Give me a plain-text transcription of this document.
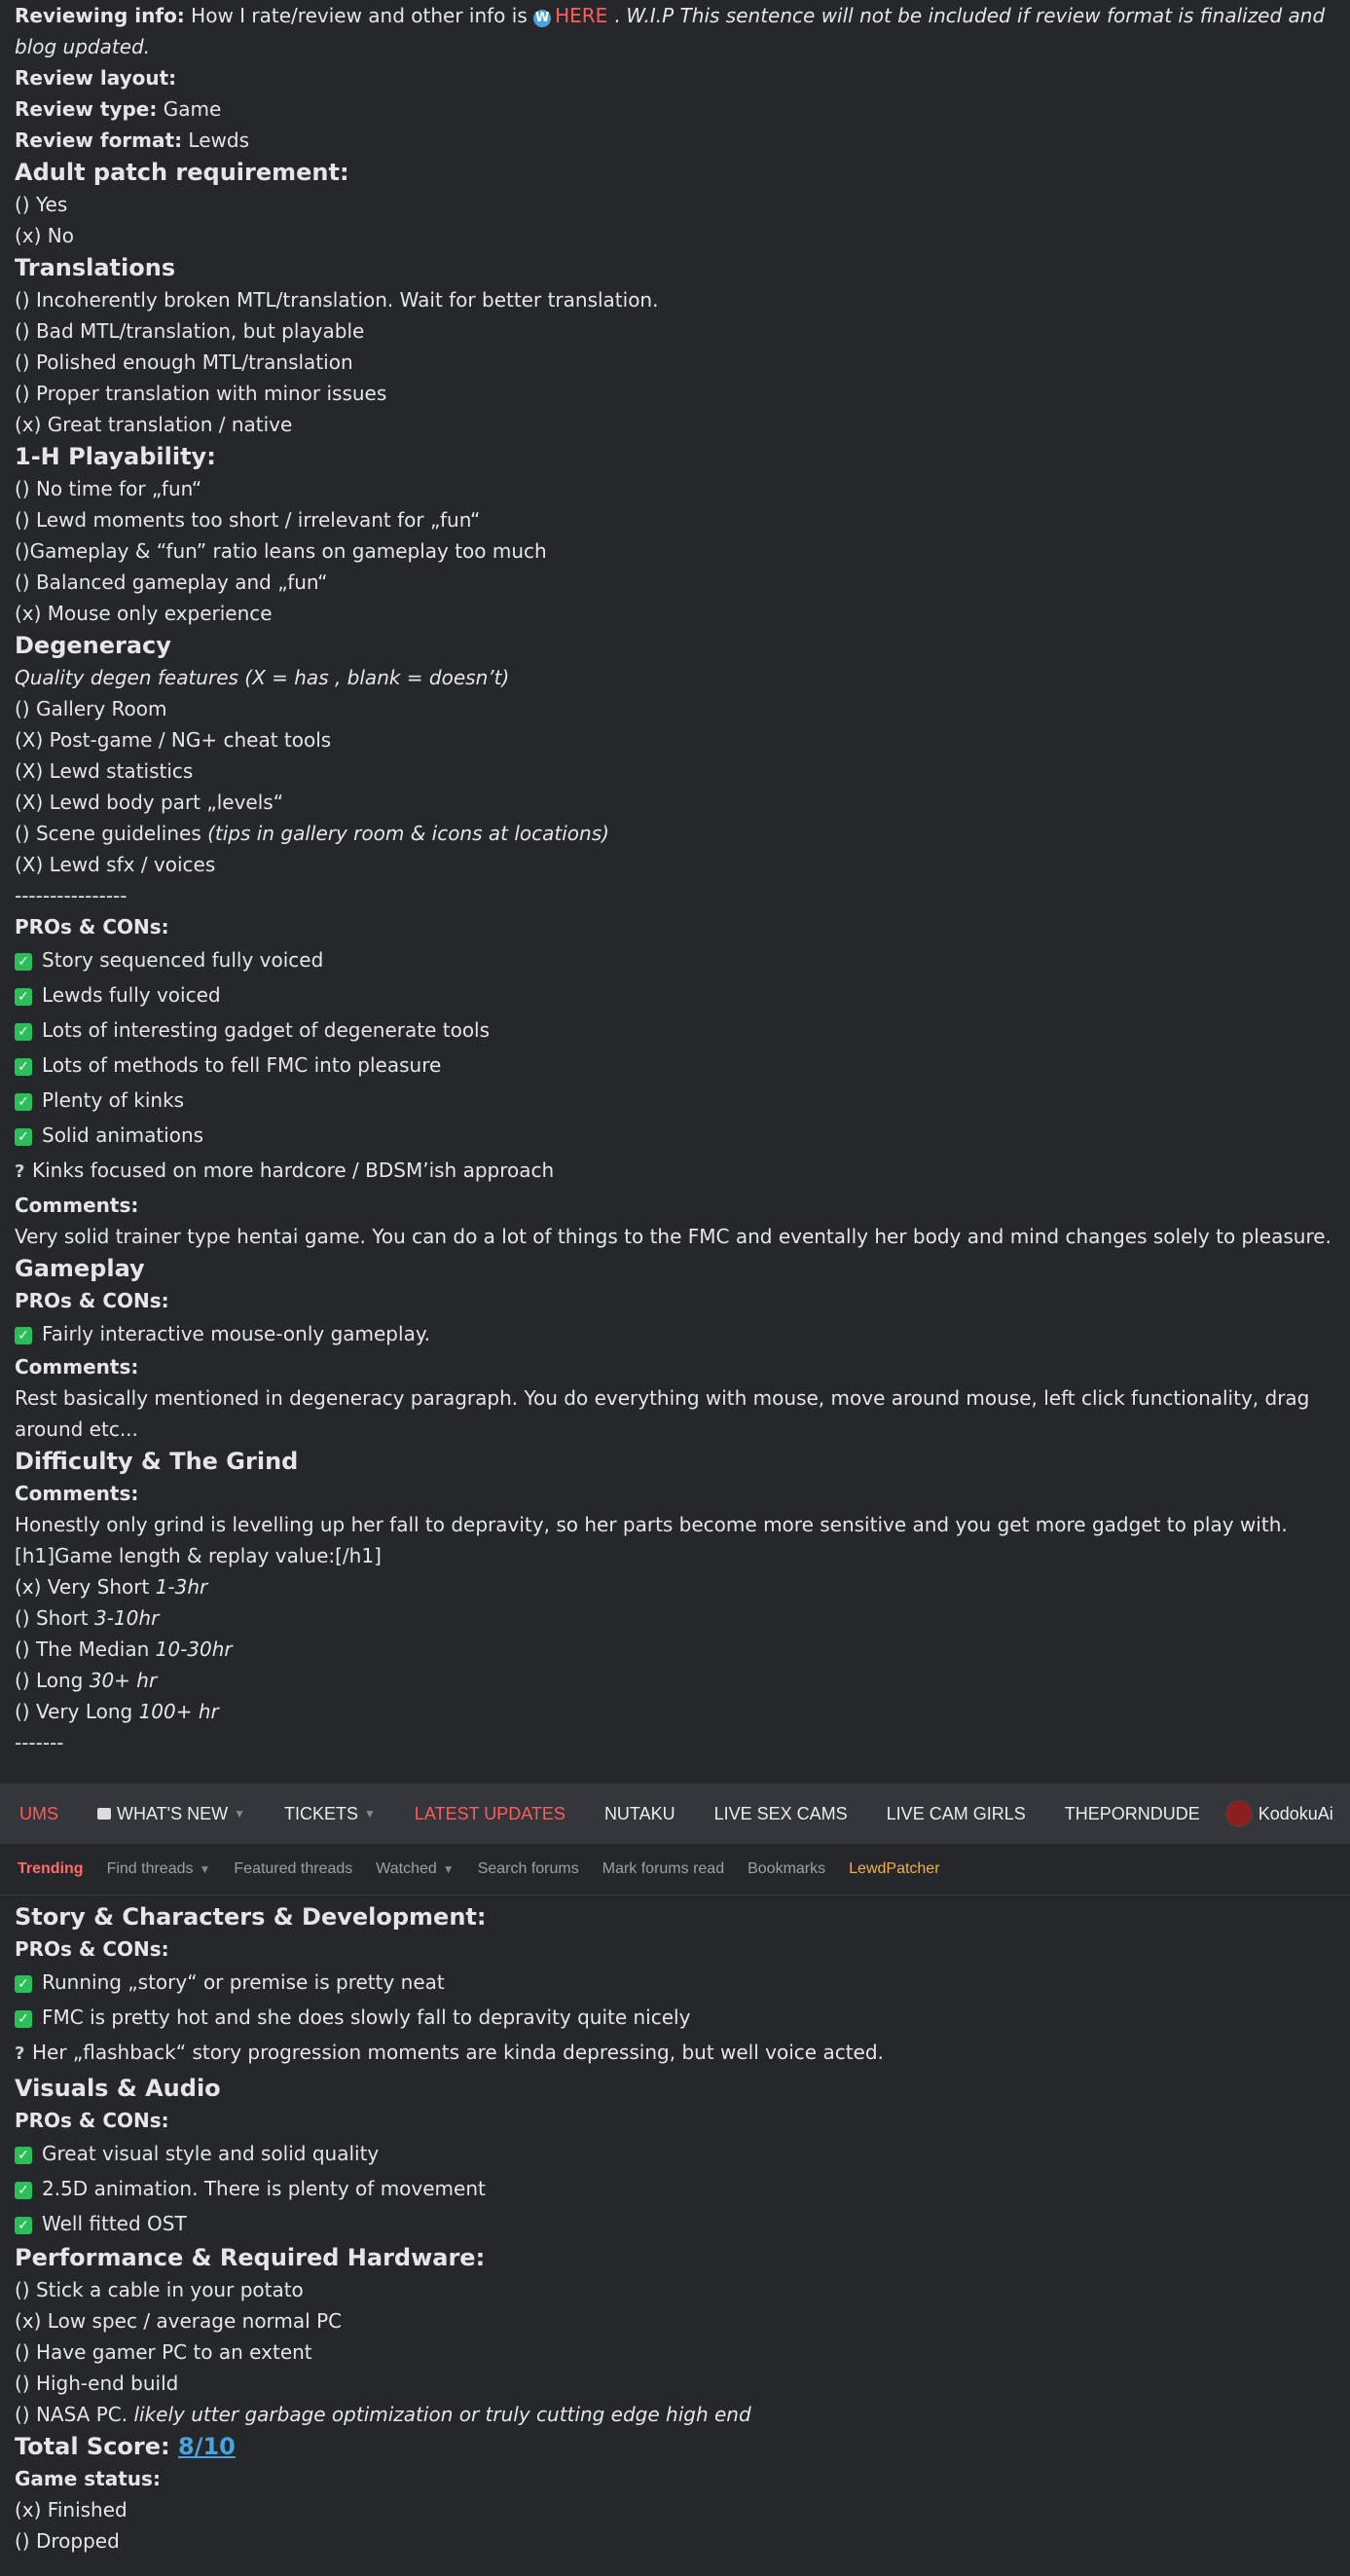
Reviewing info: How I rate/review and other info is W HERE . W.I.P This sentence will not be included if review format is finalized and blog updated.
Review layout:
Review type: Game
Review format: Lewds
Adult patch requirement:
() Yes
(x) No
Translations
() Incoherently broken MTL/translation. Wait for better translation.
() Bad MTL/translation, but playable
() Polished enough MTL/translation
() Proper translation with minor issues
(x) Great translation / native
1-H Playability:
() No time for „fun“
() Lewd moments too short / irrelevant for „fun“
()Gameplay & “fun” ratio leans on gameplay too much
() Balanced gameplay and „fun“
(x) Mouse only experience
Degeneracy
Quality degen features (X = has , blank = doesn’t)
() Gallery Room
(X) Post-game / NG+ cheat tools
(X) Lewd statistics
(X) Lewd body part „levels“
() Scene guidelines (tips in gallery room & icons at locations)
(X) Lewd sfx / voices
----------------
PROs & CONs:
✓ Story sequenced fully voiced
✓ Lewds fully voiced
✓ Lots of interesting gadget of degenerate tools
✓ Lots of methods to fell FMC into pleasure
✓ Plenty of kinks
✓ Solid animations
? Kinks focused on more hardcore / BDSM’ish approach
Comments:
Very solid trainer type hentai game. You can do a lot of things to the FMC and eventally her body and mind changes solely to pleasure.
Gameplay
PROs & CONs:
✓ Fairly interactive mouse-only gameplay.
Comments:
Rest basically mentioned in degeneracy paragraph. You do everything with mouse, move around mouse, left click functionality, drag around etc...
Difficulty & The Grind
Comments:
Honestly only grind is levelling up her fall to depravity, so her parts become more sensitive and you get more gadget to play with.
[h1]Game length & replay value:[/h1]
(x) Very Short 1-3hr
() Short 3-10hr
() The Median 10-30hr
() Long 30+ hr
() Very Long 100+ hr
-------
UMS	WHAT'S NEW ▼ TICKETS ▼ LATEST UPDATES NUTAKU LIVE SEX CAMS LIVE CAM GIRLS THEPORNDUDE	KodokuAi
Trending Find threads ▼ Featured threads Watched ▼ Search forums Mark forums read Bookmarks LewdPatcher
Story & Characters & Development:
PROs & CONs:
✓ Running „story“ or premise is pretty neat
✓ FMC is pretty hot and she does slowly fall to depravity quite nicely
? Her „flashback“ story progression moments are kinda depressing, but well voice acted.
Visuals & Audio
PROs & CONs:
✓ Great visual style and solid quality
✓ 2.5D animation. There is plenty of movement
✓ Well fitted OST
Performance & Required Hardware:
() Stick a cable in your potato
(x) Low spec / average normal PC
() Have gamer PC to an extent
() High-end build
() NASA PC. likely utter garbage optimization or truly cutting edge high end
Total Score: 8/10
Game status:
(x) Finished
() Dropped
